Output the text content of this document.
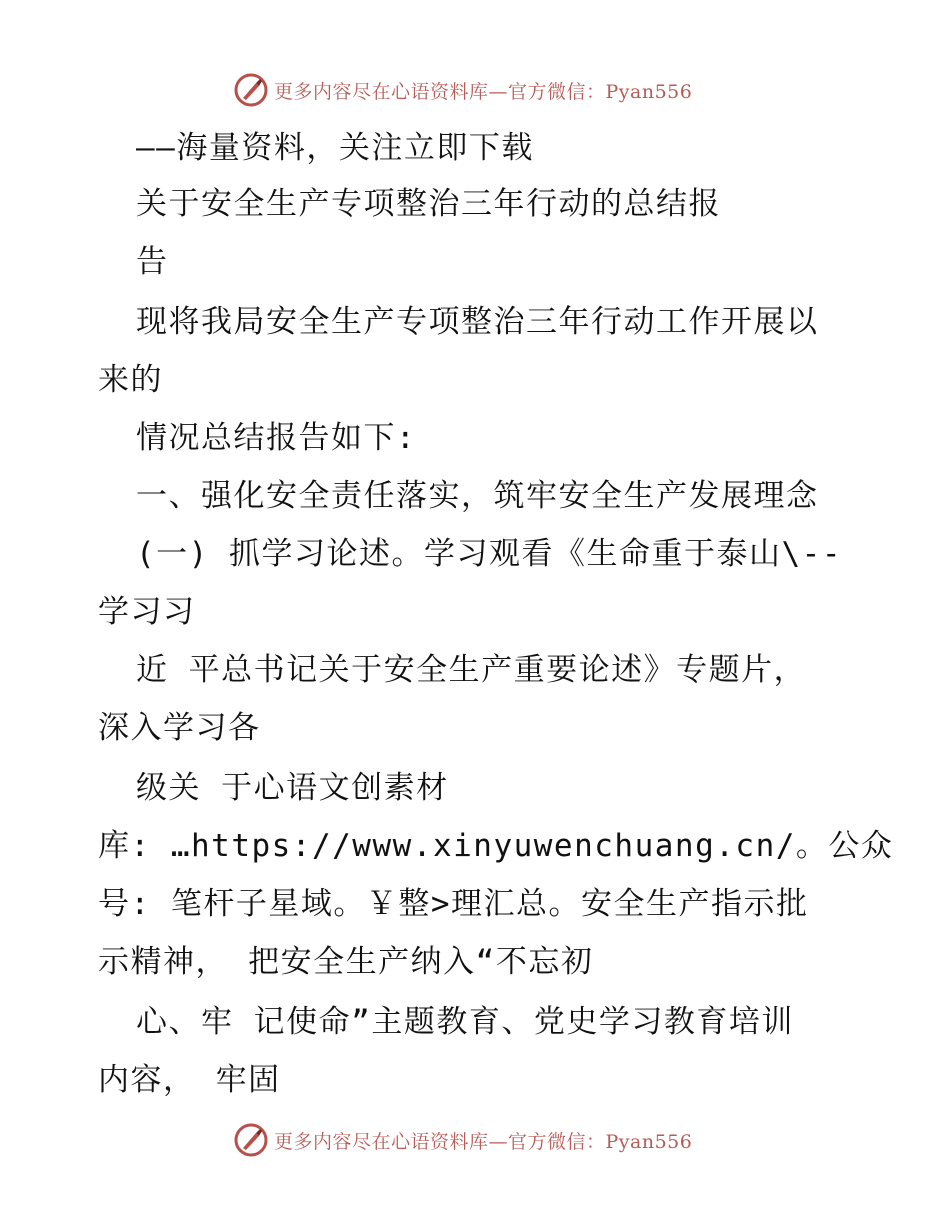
更多内容尽在心语资料库—官方微信：Pyan556
——海量资料，关注立即下载
关于安全生产专项整治三年行动的总结报
告
现将我局安全生产专项整治三年行动工作开展以
来的
情况总结报告如下:
一、强化安全责任落实，筑牢安全生产发展理念
(一) 抓学习论述。学习观看《生命重于泰山\--
学习习
近 平总书记关于安全生产重要论述》专题片，
深入学习各
级关 于心语文创素材
库: …https://www.xinyuwenchuang.cn/。公众
号: 笔杆子星域。￥整>理汇总。安全生产指示批
示精神， 把安全生产纳入“不忘初
心、牢 记使命”主题教育、党史学习教育培训
内容， 牢固
更多内容尽在心语资料库—官方微信：Pyan556
